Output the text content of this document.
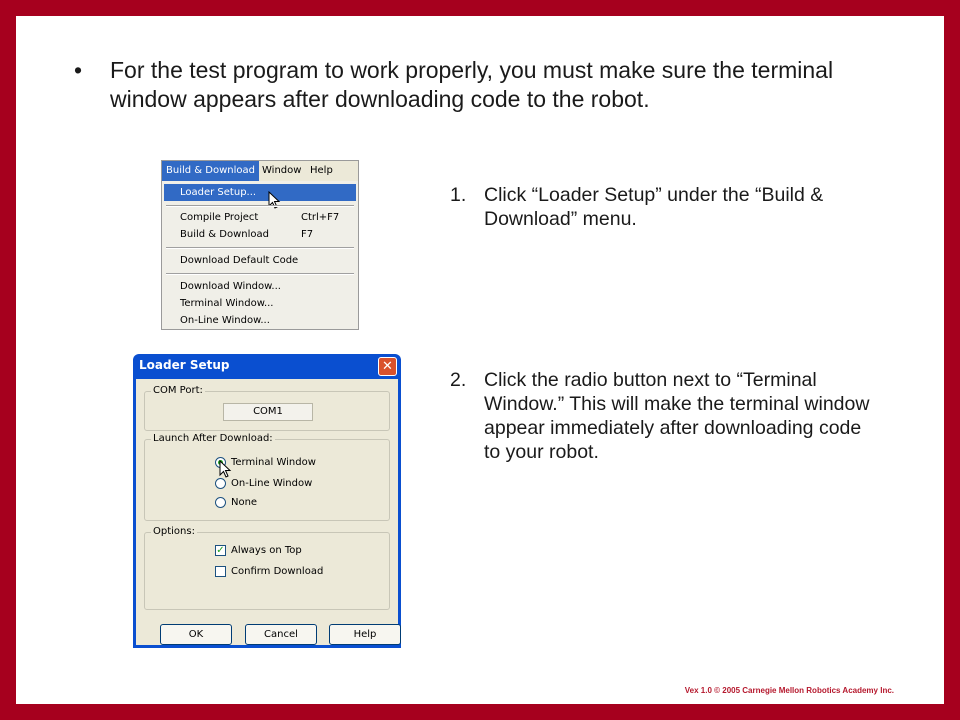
• For the test program to work properly, you must make sure the terminal window appears after downloading code to the robot.
Build & Download Window Help
Loader Setup...
Compile Project	Ctrl+F7
Build & Download	F7
Download Default Code
Download Window...
Terminal Window...
On-Line Window...
Loader Setup	✕
COM Port:
COM1
Launch After Download:
Terminal Window
On-Line Window
None
Options:
✓ Always on Top
Confirm Download
OK	Cancel	Help
1. Click “Loader Setup” under the “Build & Download” menu.
2. Click the radio button next to “Terminal Window.” This will make the terminal window appear immediately after downloading code to your robot.
Vex 1.0 © 2005 Carnegie Mellon Robotics Academy Inc.
